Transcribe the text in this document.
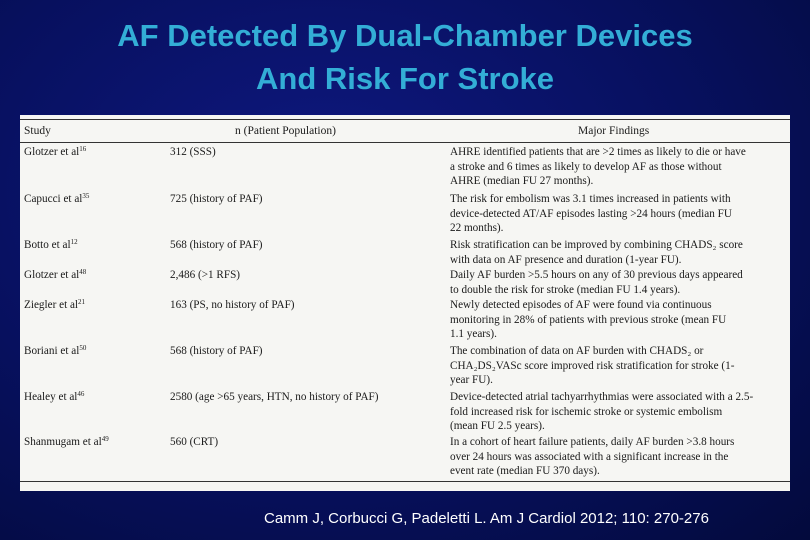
AF Detected By Dual-Chamber Devices
And Risk For Stroke
Study	n (Patient Population)	Major Findings
Glotzer et $al^{16}$	312 (SSS)	AHRE identified patients that are >2 times as likely to die or have
a stroke and 6 times as likely to develop AF as those without
AHRE (median FU 27 months).
Capucci et $al^{35}$	725 (history of PAF)	The risk for embolism was 3.1 times increased in patients with
device-detected AT/AF episodes lasting >24 hours (median FU
22 months).
Botto et $al^{12}$	568 (history of PAF)	Risk stratification can be improved by combining CHADS₂ score
with data on AF presence and duration (1-year FU).
Glotzer et $al^{48}$	2,486 (>1 RFS)	Daily AF burden >5.5 hours on any of 30 previous days appeared
to double the risk for stroke (median FU 1.4 years).
Ziegler et $al^{21}$	163 (PS, no history of PAF)	Newly detected episodes of AF were found via continuous
monitoring in 28% of patients with previous stroke (mean FU
1.1 years).
Boriani et $al^{50}$	568 (history of PAF)	The combination of data on AF burden with CHADS₂ or
CHA₂DS₂VASc score improved risk stratification for stroke (1-
year FU).
Healey et $al^{46}$	2580 (age >65 years, HTN, no history of PAF)	Device-detected atrial tachyarrhythmias were associated with a 2.5-
fold increased risk for ischemic stroke or systemic embolism
(mean FU 2.5 years).
Shanmugam et $al^{49}$	560 (CRT)	In a cohort of heart failure patients, daily AF burden >3.8 hours
over 24 hours was associated with a significant increase in the
event rate (median FU 370 days).
Camm J, Corbucci G, Padeletti L. Am J Cardiol 2012; 110: 270-276
